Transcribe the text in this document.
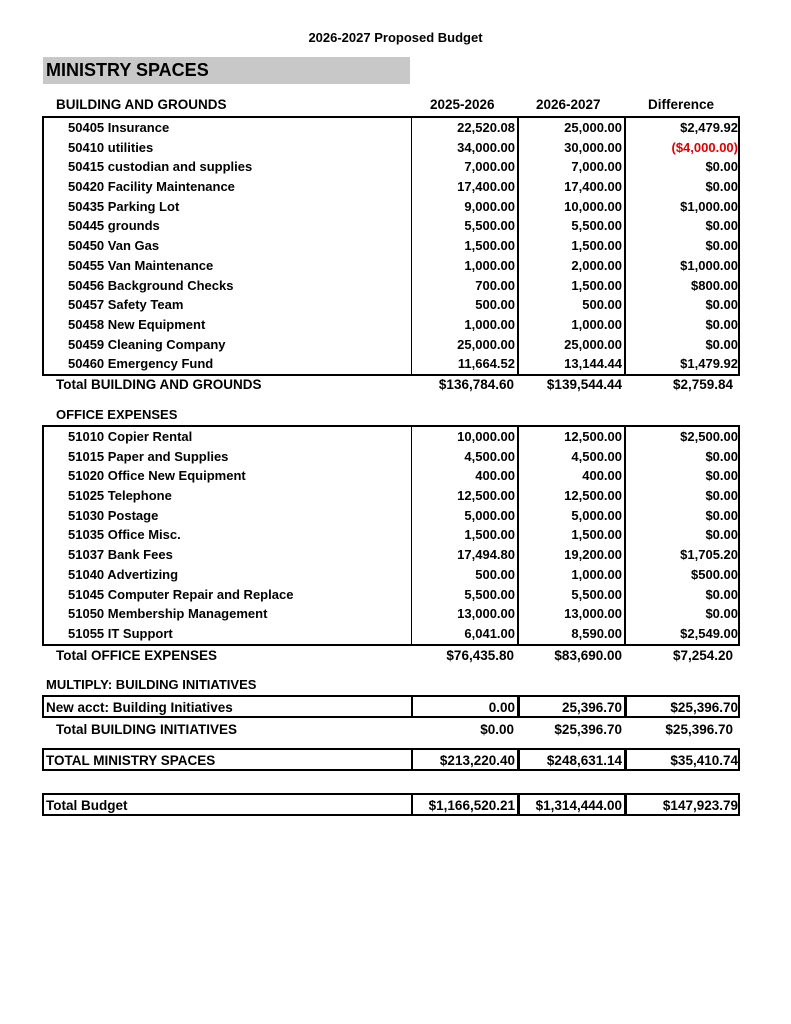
2026-2027 Proposed Budget
MINISTRY SPACES
BUILDING AND GROUNDS	2025-2026	2026-2027	Difference
50405 Insurance	22,520.08	25,000.00	$2,479.92
50410 utilities	34,000.00	30,000.00	($4,000.00)
50415 custodian and supplies	7,000.00	7,000.00	$0.00
50420 Facility Maintenance	17,400.00	17,400.00	$0.00
50435 Parking Lot	9,000.00	10,000.00	$1,000.00
50445 grounds	5,500.00	5,500.00	$0.00
50450 Van Gas	1,500.00	1,500.00	$0.00
50455 Van Maintenance	1,000.00	2,000.00	$1,000.00
50456 Background Checks	700.00	1,500.00	$800.00
50457 Safety Team	500.00	500.00	$0.00
50458 New Equipment	1,000.00	1,000.00	$0.00
50459 Cleaning Company	25,000.00	25,000.00	$0.00
50460 Emergency Fund	11,664.52	13,144.44	$1,479.92
Total BUILDING AND GROUNDS	$136,784.60	$139,544.44	$2,759.84
OFFICE EXPENSES
51010 Copier Rental	10,000.00	12,500.00	$2,500.00
51015 Paper and Supplies	4,500.00	4,500.00	$0.00
51020 Office New Equipment	400.00	400.00	$0.00
51025 Telephone	12,500.00	12,500.00	$0.00
51030 Postage	5,000.00	5,000.00	$0.00
51035 Office Misc.	1,500.00	1,500.00	$0.00
51037 Bank Fees	17,494.80	19,200.00	$1,705.20
51040 Advertizing	500.00	1,000.00	$500.00
51045 Computer Repair and Replace	5,500.00	5,500.00	$0.00
51050 Membership Management	13,000.00	13,000.00	$0.00
51055 IT Support	6,041.00	8,590.00	$2,549.00
Total OFFICE EXPENSES	$76,435.80	$83,690.00	$7,254.20
MULTIPLY: BUILDING INITIATIVES
New acct: Building Initiatives	0.00	25,396.70	$25,396.70
Total BUILDING INITIATIVES	$0.00	$25,396.70	$25,396.70
TOTAL MINISTRY SPACES	$213,220.40	$248,631.14	$35,410.74
Total Budget	$1,166,520.21	$1,314,444.00	$147,923.79
